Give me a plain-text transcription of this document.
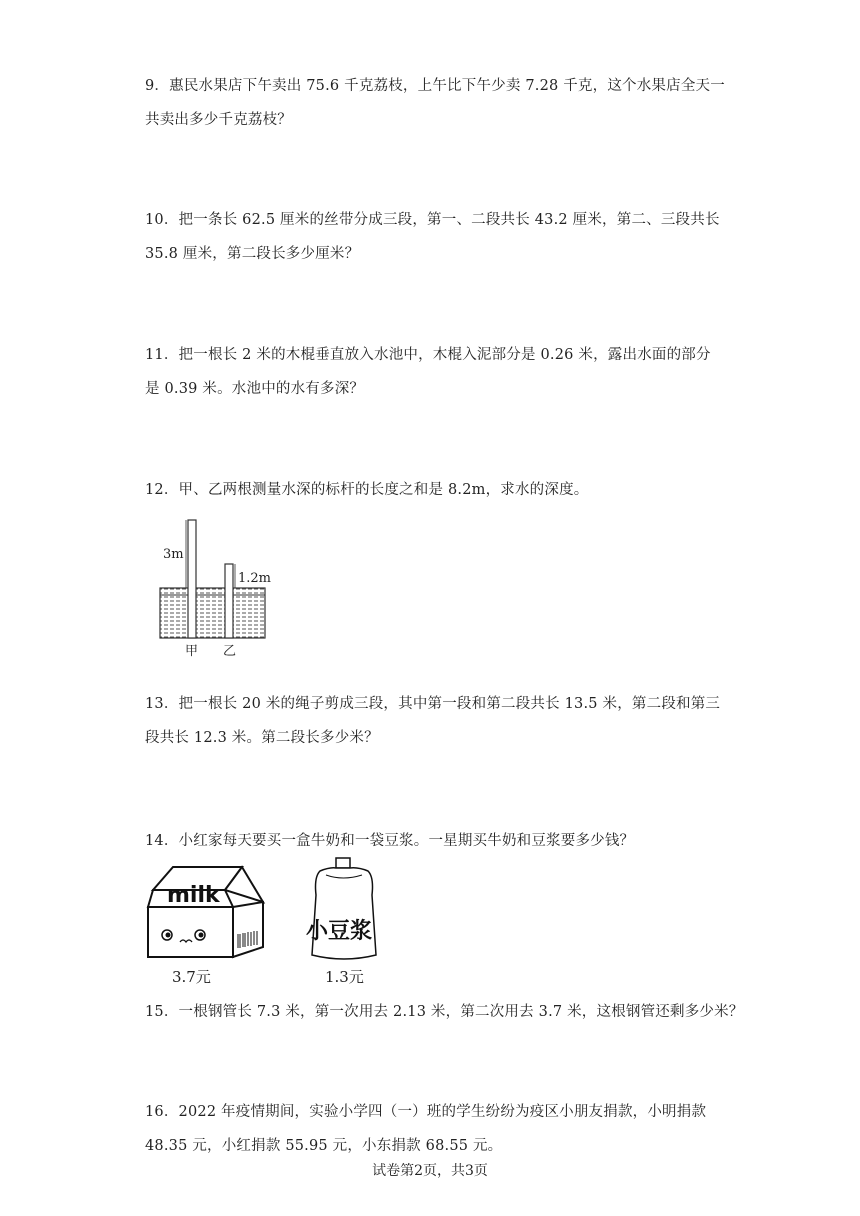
9．惠民水果店下午卖出 75.6 千克荔枝，上午比下午少卖 7.28 千克，这个水果店全天一
共卖出多少千克荔枝？
10．把一条长 62.5 厘米的丝带分成三段，第一、二段共长 43.2 厘米，第二、三段共长
35.8 厘米，第二段长多少厘米？
11．把一根长 2 米的木棍垂直放入水池中，木棍入泥部分是 0.26 米，露出水面的部分
是 0.39 米。水池中的水有多深？
12．甲、乙两根测量水深的标杆的长度之和是 8.2m，求水的深度。
3m
1.2m
甲 乙
13．把一根长 20 米的绳子剪成三段，其中第一段和第二段共长 13.5 米，第二段和第三
段共长 12.3 米。第二段长多少米？
14．小红家每天要买一盒牛奶和一袋豆浆。一星期买牛奶和豆浆要多少钱？
milk
3.7元
小豆浆
1.3元
15．一根钢管长 7.3 米，第一次用去 2.13 米，第二次用去 3.7 米，这根钢管还剩多少米？
16．2022 年疫情期间，实验小学四（一）班的学生纷纷为疫区小朋友捐款，小明捐款
48.35 元，小红捐款 55.95 元，小东捐款 68.55 元。
试卷第2页，共3页
